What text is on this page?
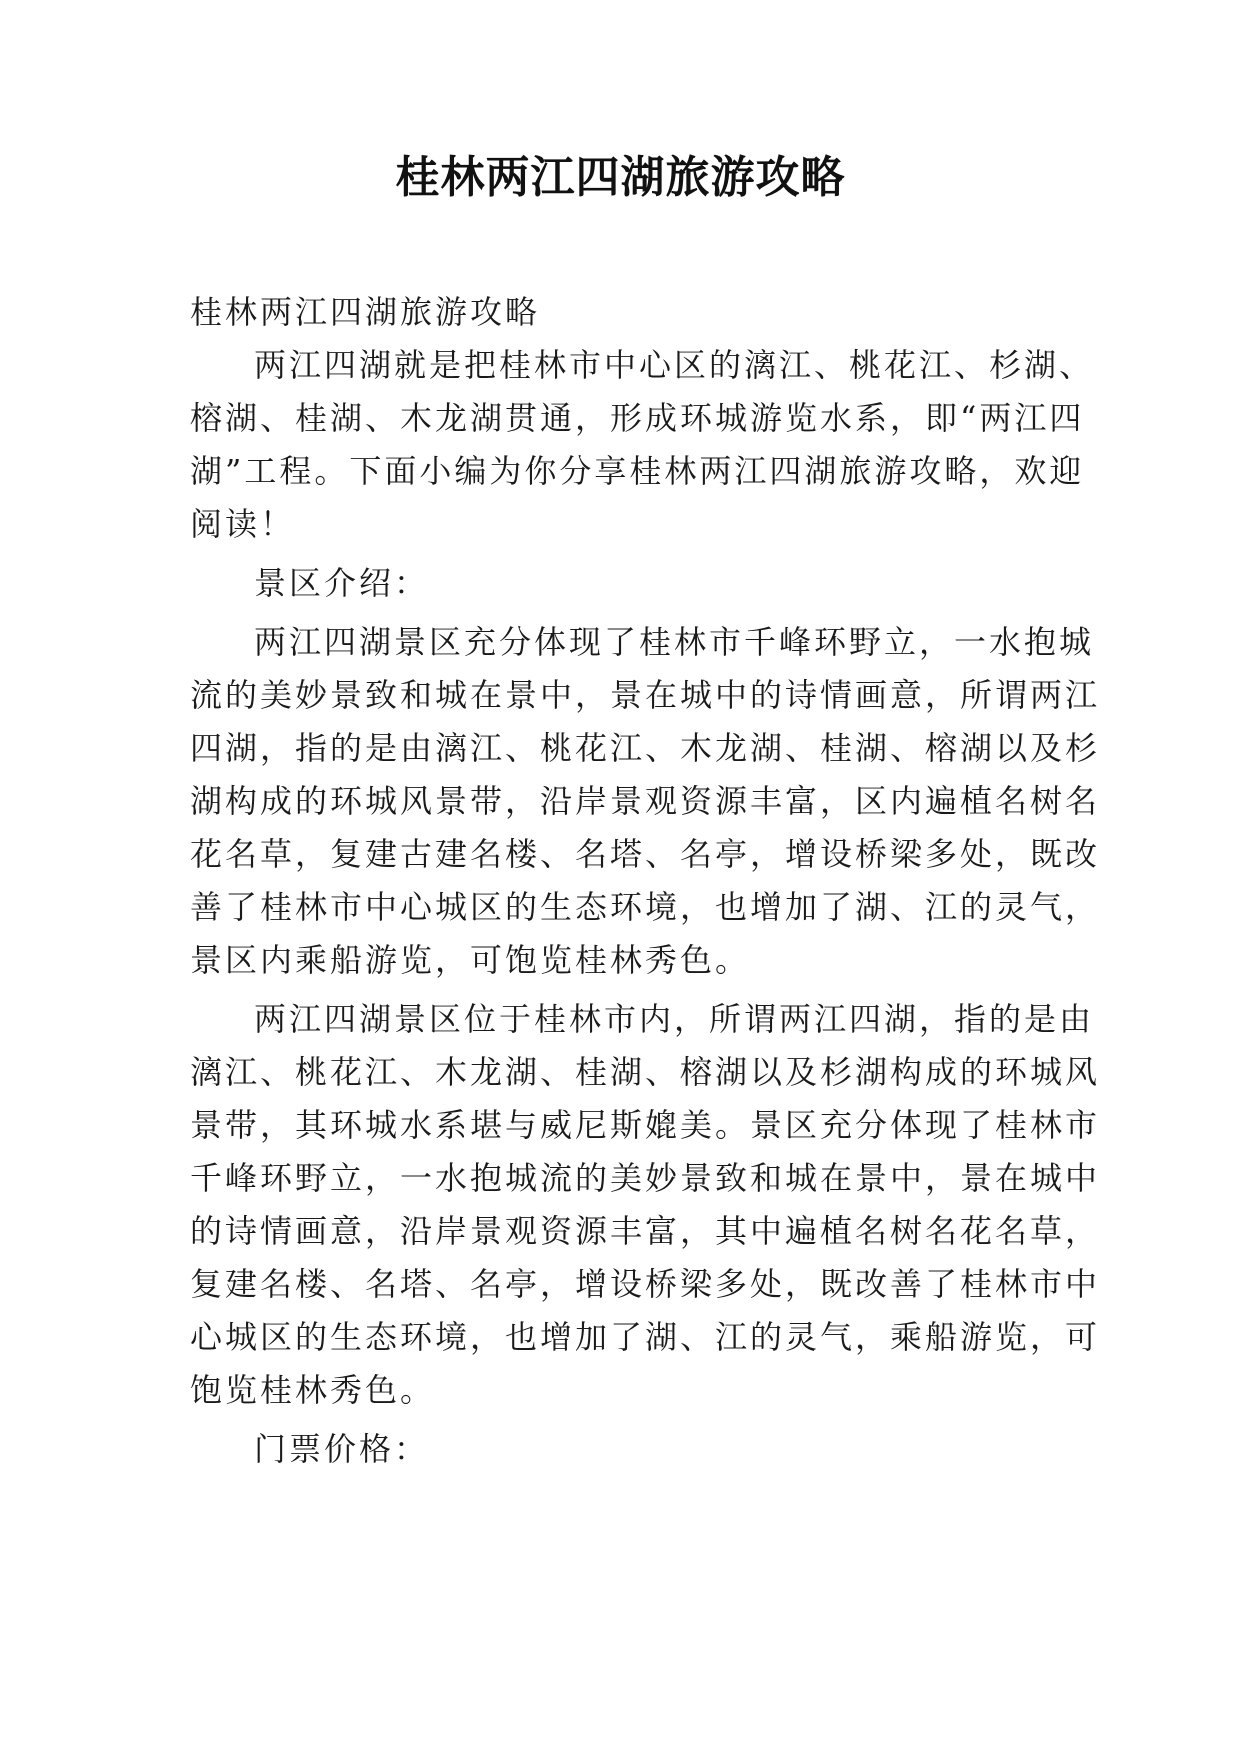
桂林两江四湖旅游攻略
桂林两江四湖旅游攻略
两江四湖就是把桂林市中心区的漓江、桃花江、杉湖、
榕湖、桂湖、木龙湖贯通，形成环城游览水系，即“两江四
湖”工程。下面小编为你分享桂林两江四湖旅游攻略，欢迎
阅读！
景区介绍：
两江四湖景区充分体现了桂林市千峰环野立，一水抱城
流的美妙景致和城在景中，景在城中的诗情画意，所谓两江
四湖，指的是由漓江、桃花江、木龙湖、桂湖、榕湖以及杉
湖构成的环城风景带，沿岸景观资源丰富，区内遍植名树名
花名草，复建古建名楼、名塔、名亭，增设桥梁多处，既改
善了桂林市中心城区的生态环境，也增加了湖、江的灵气，
景区内乘船游览，可饱览桂林秀色。
两江四湖景区位于桂林市内，所谓两江四湖，指的是由
漓江、桃花江、木龙湖、桂湖、榕湖以及杉湖构成的环城风
景带，其环城水系堪与威尼斯媲美。景区充分体现了桂林市
千峰环野立，一水抱城流的美妙景致和城在景中，景在城中
的诗情画意，沿岸景观资源丰富，其中遍植名树名花名草，
复建名楼、名塔、名亭，增设桥梁多处，既改善了桂林市中
心城区的生态环境，也增加了湖、江的灵气，乘船游览，可
饱览桂林秀色。
门票价格：
